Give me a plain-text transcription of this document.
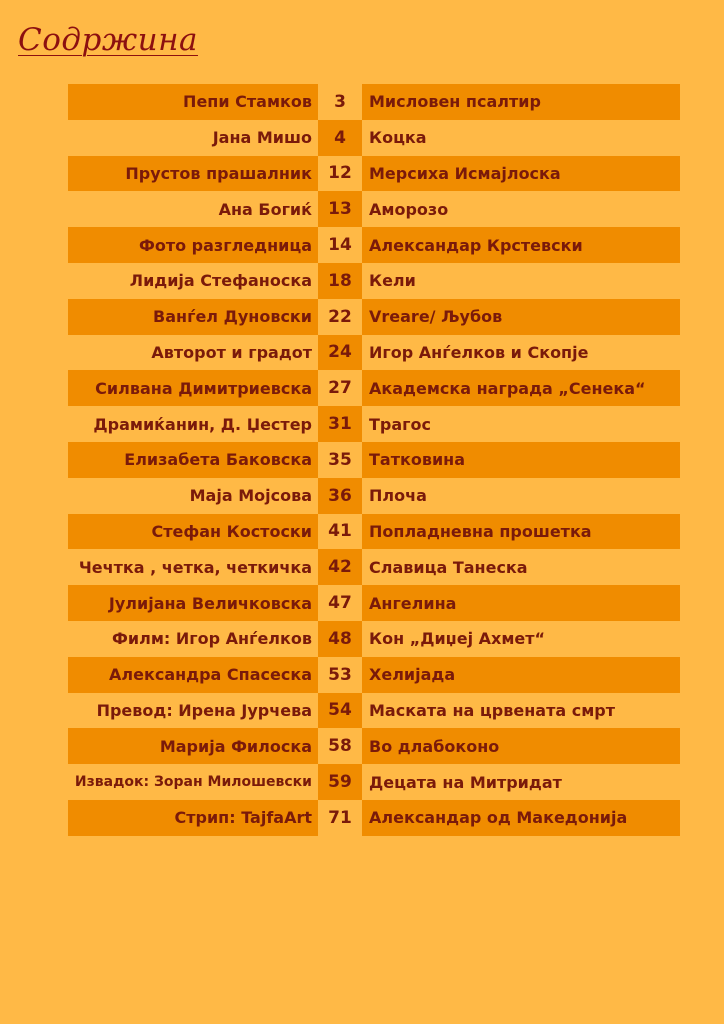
Содржина
Пепи Стамков	3	Мисловен псалтир
Јана Мишо	4	Коцка
Прустов прашалник 12	Мерсиха Исмајлоска
Ана Богиќ 13	Аморозо
Фото разгледница 14	Александар Крстевски
Лидија Стефаноска 18	Кели
Ванѓел Дуновски 22	Vreare/ Љубов
Авторот и градот 24	Игор Анѓелков и Скопје
Силвана Димитриевска 27	Академска награда „Сенека“
Драмиќанин, Д. Џестер 31	Трагос
Елизабета Баковска 35	Татковина
Маја Мојсова 36	Плоча
Стефан Костоски 41	Попладневна прошетка
Чечтка , четка, четкичка 42	Славица Танеска
Јулијана Величковска 47	Ангелина
Филм: Игор Анѓелков 48	Кон „Диџеј Ахмет“
Александра Спасеска 53	Хелијада
Превод: Ирена Јурчева 54	Маската на црвената смрт
Марија Филоска 58	Во длабоконо
Извадок: Зоран Милошевски 59	Децата на Митридат
Стрип: TajfaArt 71	Александар од Македонија
